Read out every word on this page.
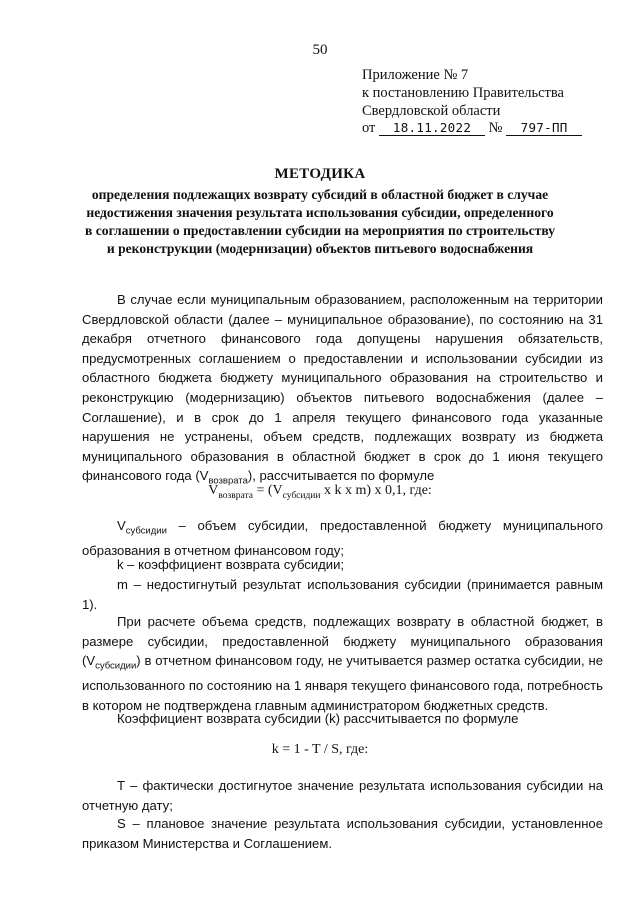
50
Приложение № 7
к постановлению Правительства
Свердловской области
от 18.11.2022 № 797-ПП
МЕТОДИКА
определения подлежащих возврату субсидий в областной бюджет в случае
недостижения значения результата использования субсидии, определенного
в соглашении о предоставлении субсидии на мероприятия по строительству
и реконструкции (модернизации) объектов питьевого водоснабжения

В случае если муниципальным образованием, расположенным на территории Свердловской области (далее – муниципальное образование), по состоянию на 31 декабря отчетного финансового года допущены нарушения обязательств, предусмотренных соглашением о предоставлении и использовании субсидии из областного бюджета бюджету муниципального образования на строительство и реконструкцию (модернизацию) объектов питьевого водоснабжения (далее – Соглашение), и в срок до 1 апреля текущего финансового года указанные нарушения не устранены, объем средств, подлежащих возврату из бюджета муниципального образования в областной бюджет в срок до 1 июня текущего финансового года $(V_{возврата})$, рассчитывается по формуле

$V_{возврата} = (V_{субсидии}$ x k x m) x 0,1, где:

$V_{субсидии}$ – объем субсидии, предоставленной бюджету муниципального образования в отчетном финансовом году;

k – коэффициент возврата субсидии;

m – недостигнутый результат использования субсидии (принимается равным 1).

При расчете объема средств, подлежащих возврату в областной бюджет, в размере субсидии, предоставленной бюджету муниципального образования $(V_{субсидии})$ в отчетном финансовом году, не учитывается размер остатка субсидии, не использованного по состоянию на 1 января текущего финансового года, потребность в котором не подтверждена главным администратором бюджетных средств.

Коэффициент возврата субсидии (k) рассчитывается по формуле

k = 1 - T / S, где:

T – фактически достигнутое значение результата использования субсидии на отчетную дату;

S – плановое значение результата использования субсидии, установленное приказом Министерства и Соглашением.
